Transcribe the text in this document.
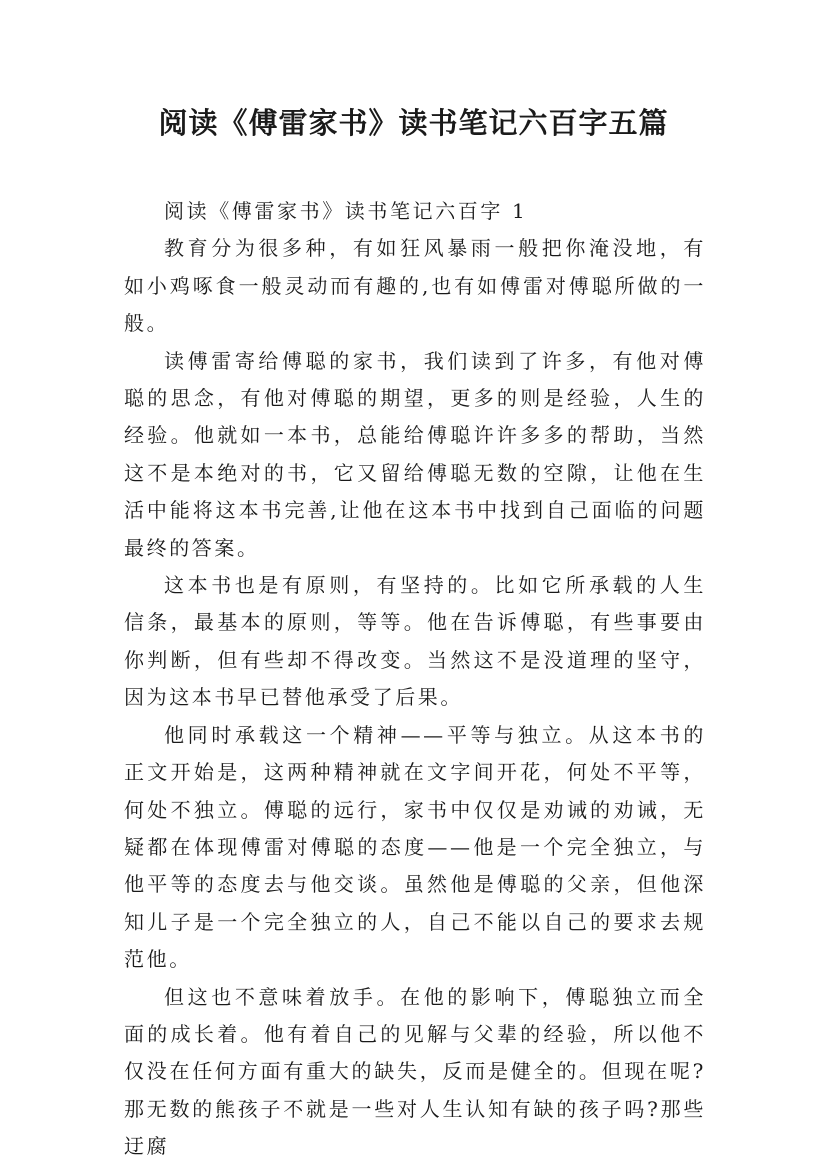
阅读《傅雷家书》读书笔记六百字五篇

阅读《傅雷家书》读书笔记六百字 1

教育分为很多种，有如狂风暴雨一般把你淹没地，有如小鸡啄食一般灵动而有趣的,也有如傅雷对傅聪所做的一般。

读傅雷寄给傅聪的家书，我们读到了许多，有他对傅聪的思念，有他对傅聪的期望，更多的则是经验，人生的经验。他就如一本书，总能给傅聪许许多多的帮助，当然这不是本绝对的书，它又留给傅聪无数的空隙，让他在生活中能将这本书完善,让他在这本书中找到自己面临的问题最终的答案。

这本书也是有原则，有坚持的。比如它所承载的人生信条，最基本的原则，等等。他在告诉傅聪，有些事要由你判断，但有些却不得改变。当然这不是没道理的坚守，因为这本书早已替他承受了后果。

他同时承载这一个精神——平等与独立。从这本书的正文开始是，这两种精神就在文字间开花，何处不平等，何处不独立。傅聪的远行，家书中仅仅是劝诫的劝诫，无疑都在体现傅雷对傅聪的态度——他是一个完全独立，与他平等的态度去与他交谈。虽然他是傅聪的父亲，但他深知儿子是一个完全独立的人，自己不能以自己的要求去规范他。

但这也不意味着放手。在他的影响下，傅聪独立而全面的成长着。他有着自己的见解与父辈的经验，所以他不仅没在任何方面有重大的缺失，反而是健全的。但现在呢?那无数的熊孩子不就是一些对人生认知有缺的孩子吗?那些迂腐
